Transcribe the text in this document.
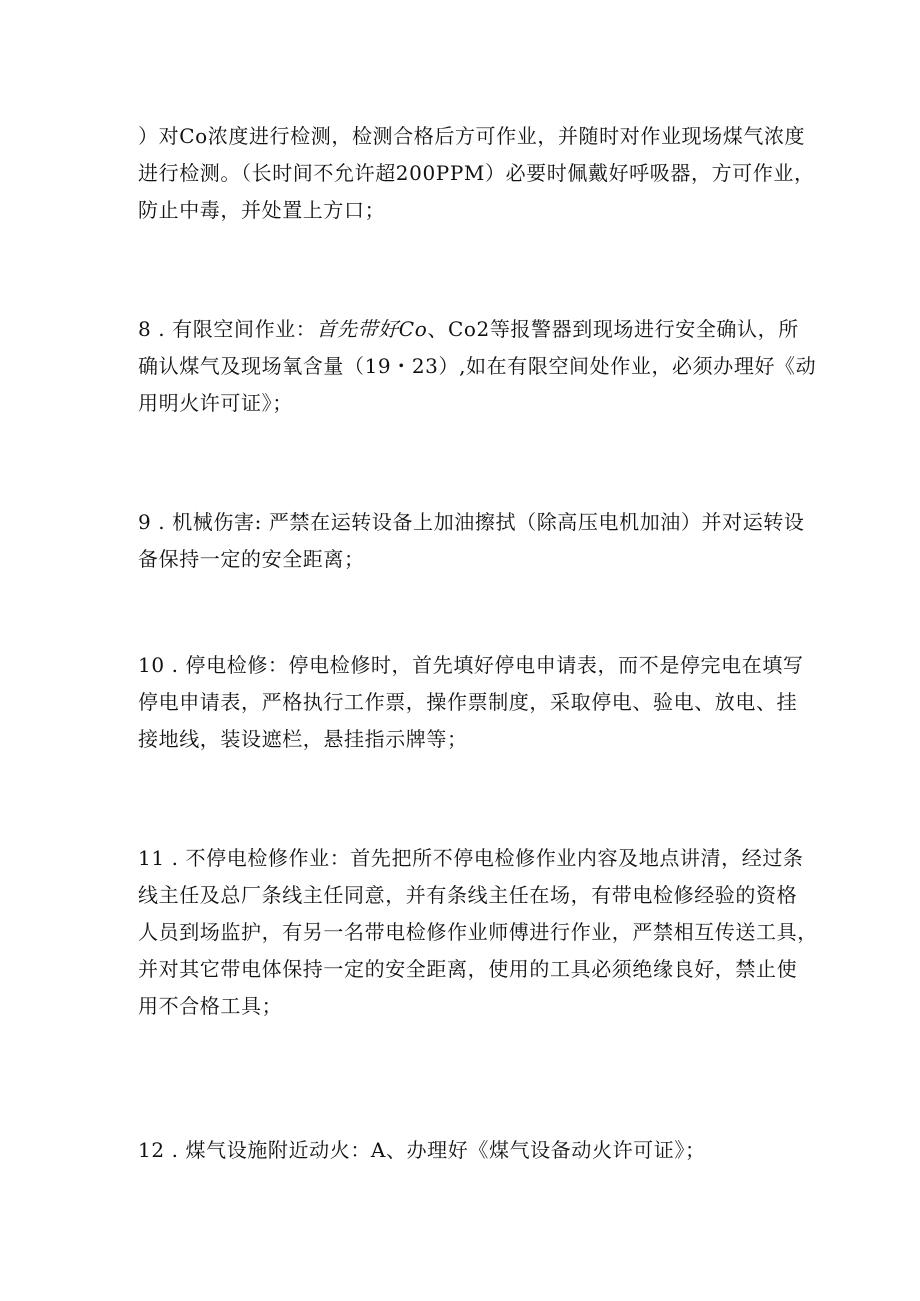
）对Co浓度进行检测，检测合格后方可作业，并随时对作业现场煤气浓度
进行检测。（长时间不允许超200PPM）必要时佩戴好呼吸器，方可作业，
防止中毒，并处置上方口；
8 . 有限空间作业：首先带好Co、Co2等报警器到现场进行安全确认，所
确认煤气及现场氧含量（19・23）,如在有限空间处作业，必须办理好《动
用明火许可证》；
9 . 机械伤害: 严禁在运转设备上加油擦拭（除高压电机加油）并对运转设
备保持一定的安全距离；
10 . 停电检修：停电检修时，首先填好停电申请表，而不是停完电在填写
停电申请表，严格执行工作票，操作票制度，采取停电、验电、放电、挂
接地线，装设遮栏，悬挂指示牌等；
11 . 不停电检修作业：首先把所不停电检修作业内容及地点讲清，经过条
线主任及总厂条线主任同意，并有条线主任在场，有带电检修经验的资格
人员到场监护，有另一名带电检修作业师傅进行作业，严禁相互传送工具，
并对其它带电体保持一定的安全距离，使用的工具必须绝缘良好，禁止使
用不合格工具；
12 . 煤气设施附近动火：A、办理好《煤气设备动火许可证》；
